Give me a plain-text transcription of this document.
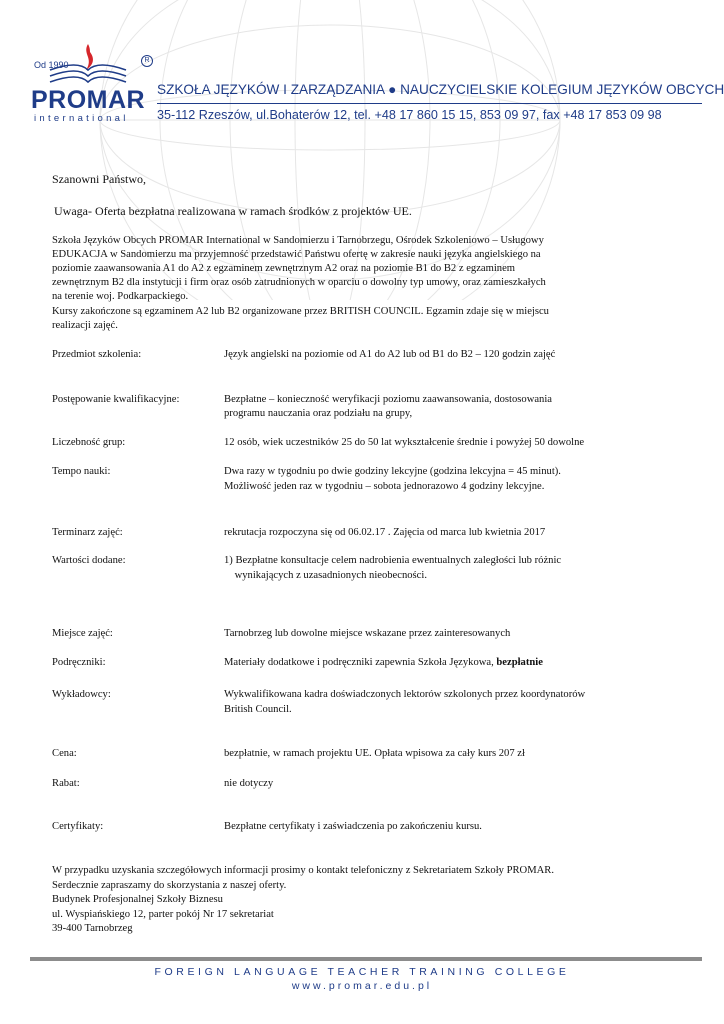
Od 1990
PROMAR
international
R
SZKOŁA JĘZYKÓW I ZARZĄDZANIA ● NAUCZYCIELSKIE KOLEGIUM JĘZYKÓW OBCYCH
35-112 Rzeszów, ul.Bohaterów 12, tel. +48 17 860 15 15, 853 09 97, fax +48 17 853 09 98
Szanowni Państwo,
Uwaga- Oferta bezpłatna realizowana w ramach środków z projektów UE.
Szkoła Języków Obcych PROMAR International w Sandomierzu i Tarnobrzegu, Ośrodek Szkoleniowo – Usługowy
EDUKACJA w Sandomierzu ma przyjemność przedstawić Państwu ofertę w zakresie nauki języka angielskiego na
poziomie zaawansowania A1 do A2 z egzaminem zewnętrznym A2 oraz na poziomie B1 do B2 z egzaminem
zewnętrznym B2 dla instytucji i firm oraz osób zatrudnionych w oparciu o dowolny typ umowy, oraz zamieszkałych
na terenie woj. Podkarpackiego.
Kursy zakończone są egzaminem A2 lub B2 organizowane przez BRITISH COUNCIL. Egzamin zdaje się w miejscu
realizacji zajęć.
Przedmiot szkolenia:	Język angielski na poziomie od A1 do A2 lub od B1 do B2 – 120 godzin zajęć
Postępowanie kwalifikacyjne:	Bezpłatne – konieczność weryfikacji poziomu zaawansowania, dostosowania
programu nauczania oraz podziału na grupy,
Liczebność grup:	12 osób, wiek uczestników 25 do 50 lat wykształcenie średnie i powyżej 50 dowolne
Tempo nauki:	Dwa razy w tygodniu po dwie godziny lekcyjne (godzina lekcyjna = 45 minut).
Możliwość jeden raz w tygodniu – sobota jednorazowo 4 godziny lekcyjne.
Terminarz zajęć:	rekrutacja rozpoczyna się od 06.02.17 . Zajęcia od marca lub kwietnia 2017
Wartości dodane:	1) Bezpłatne konsultacje celem nadrobienia ewentualnych zaległości lub różnic
wynikających z uzasadnionych nieobecności.
Miejsce zajęć:	Tarnobrzeg lub dowolne miejsce wskazane przez zainteresowanych
Podręczniki:	Materiały dodatkowe i podręczniki zapewnia Szkoła Językowa, bezpłatnie
Wykładowcy:	Wykwalifikowana kadra doświadczonych lektorów szkolonych przez koordynatorów
British Council.
Cena:	bezpłatnie, w ramach projektu UE. Opłata wpisowa za cały kurs 207 zł
Rabat:	nie dotyczy
Certyfikaty:	Bezpłatne certyfikaty i zaświadczenia po zakończeniu kursu.
W przypadku uzyskania szczegółowych informacji prosimy o kontakt telefoniczny z Sekretariatem Szkoły PROMAR.
Serdecznie zapraszamy do skorzystania z naszej oferty.
Budynek Profesjonalnej Szkoły Biznesu
ul. Wyspiańskiego 12, parter pokój Nr 17 sekretariat
39-400 Tarnobrzeg
FOREIGN LANGUAGE TEACHER TRAINING COLLEGE
www.promar.edu.pl
